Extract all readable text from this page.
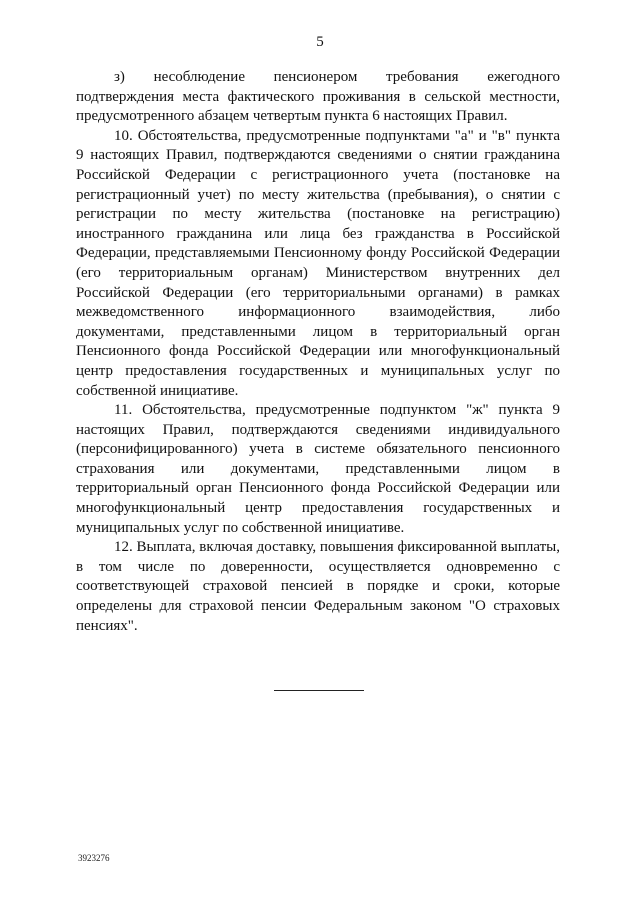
5

з) несоблюдение пенсионером требования ежегодного подтверждения места фактического проживания в сельской местности, предусмотренного абзацем четвертым пункта 6 настоящих Правил.

10. Обстоятельства, предусмотренные подпунктами "а" и "в" пункта 9 настоящих Правил, подтверждаются сведениями о снятии гражданина Российской Федерации с регистрационного учета (постановке на регистрационный учет) по месту жительства (пребывания), о снятии с регистрации по месту жительства (постановке на регистрацию) иностранного гражданина или лица без гражданства в Российской Федерации, представляемыми Пенсионному фонду Российской Федерации (его территориальным органам) Министерством внутренних дел Российской Федерации (его территориальными органами) в рамках межведомственного информационного взаимодействия, либо документами, представленными лицом в территориальный орган Пенсионного фонда Российской Федерации или многофункциональный центр предоставления государственных и муниципальных услуг по собственной инициативе.

11. Обстоятельства, предусмотренные подпунктом "ж" пункта 9 настоящих Правил, подтверждаются сведениями индивидуального (персонифицированного) учета в системе обязательного пенсионного страхования или документами, представленными лицом в территориальный орган Пенсионного фонда Российской Федерации или многофункциональный центр предоставления государственных и муниципальных услуг по собственной инициативе.

12. Выплата, включая доставку, повышения фиксированной выплаты, в том числе по доверенности, осуществляется одновременно с соответствующей страховой пенсией в порядке и сроки, которые определены для страховой пенсии Федеральным законом "О страховых пенсиях".

3923276
